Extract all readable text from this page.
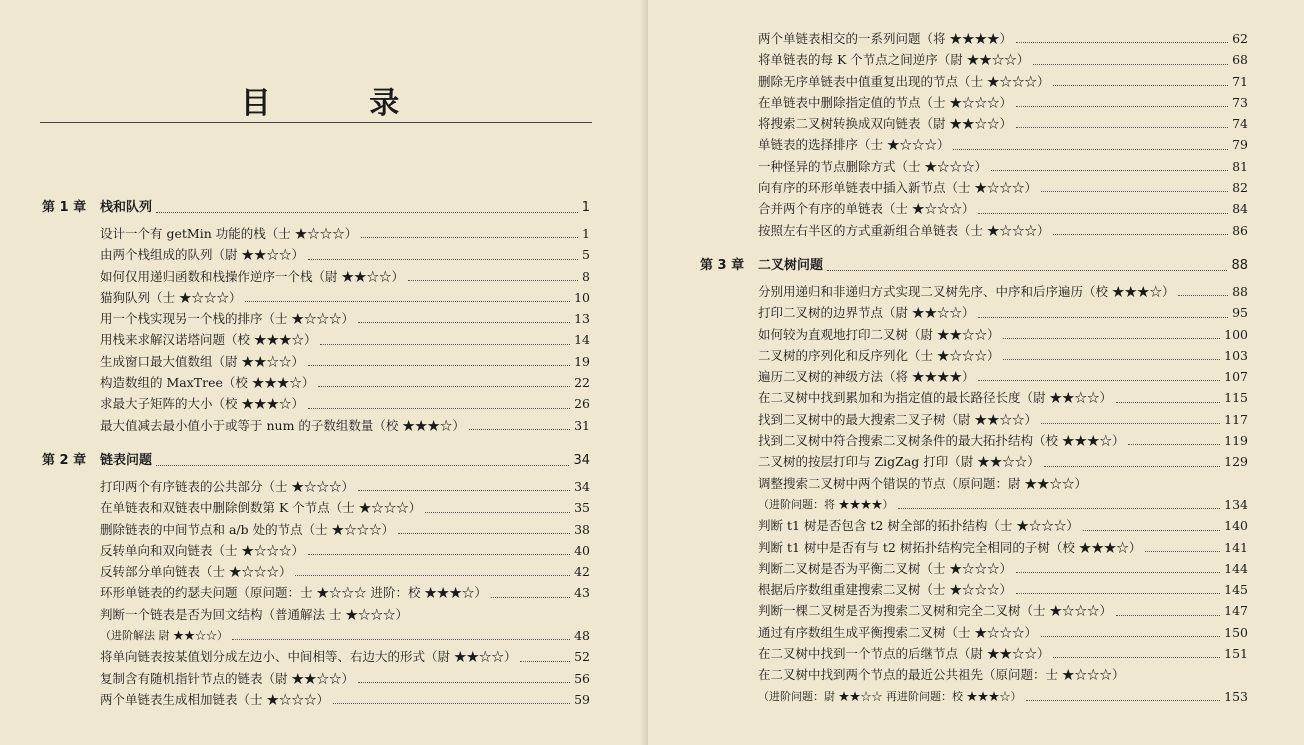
目 录
第 1 章	栈和队列	1
设计一个有 getMin 功能的栈（士 ★☆☆☆）	1
由两个栈组成的队列（尉 ★★☆☆）	5
如何仅用递归函数和栈操作逆序一个栈（尉 ★★☆☆）	8
猫狗队列（士 ★☆☆☆）	10
用一个栈实现另一个栈的排序（士 ★☆☆☆）	13
用栈来求解汉诺塔问题（校 ★★★☆）	14
生成窗口最大值数组（尉 ★★☆☆）	19
构造数组的 MaxTree（校 ★★★☆）	22
求最大子矩阵的大小（校 ★★★☆）	26
最大值减去最小值小于或等于 num 的子数组数量（校 ★★★☆）	31
第 2 章	链表问题	34
打印两个有序链表的公共部分（士 ★☆☆☆）	34
在单链表和双链表中删除倒数第 K 个节点（士 ★☆☆☆）	35
删除链表的中间节点和 a/b 处的节点（士 ★☆☆☆）	38
反转单向和双向链表（士 ★☆☆☆）	40
反转部分单向链表（士 ★☆☆☆）	42
环形单链表的约瑟夫问题（原问题：士 ★☆☆☆ 进阶：校 ★★★☆）	43
判断一个链表是否为回文结构（普通解法 士 ★☆☆☆）
（进阶解法 尉 ★★☆☆）	48
将单向链表按某值划分成左边小、中间相等、右边大的形式（尉 ★★☆☆）	52
复制含有随机指针节点的链表（尉 ★★☆☆）	56
两个单链表生成相加链表（士 ★☆☆☆）	59
两个单链表相交的一系列问题（将 ★★★★）	62
将单链表的每 K 个节点之间逆序（尉 ★★☆☆）	68
删除无序单链表中值重复出现的节点（士 ★☆☆☆）	71
在单链表中删除指定值的节点（士 ★☆☆☆）	73
将搜索二叉树转换成双向链表（尉 ★★☆☆）	74
单链表的选择排序（士 ★☆☆☆）	79
一种怪异的节点删除方式（士 ★☆☆☆）	81
向有序的环形单链表中插入新节点（士 ★☆☆☆）	82
合并两个有序的单链表（士 ★☆☆☆）	84
按照左右半区的方式重新组合单链表（士 ★☆☆☆）	86
第 3 章	二叉树问题	88
分别用递归和非递归方式实现二叉树先序、中序和后序遍历（校 ★★★☆）	88
打印二叉树的边界节点（尉 ★★☆☆）	95
如何较为直观地打印二叉树（尉 ★★☆☆）	100
二叉树的序列化和反序列化（士 ★☆☆☆）	103
遍历二叉树的神级方法（将 ★★★★）	107
在二叉树中找到累加和为指定值的最长路径长度（尉 ★★☆☆）	115
找到二叉树中的最大搜索二叉子树（尉 ★★☆☆）	117
找到二叉树中符合搜索二叉树条件的最大拓扑结构（校 ★★★☆）	119
二叉树的按层打印与 ZigZag 打印（尉 ★★☆☆）	129
调整搜索二叉树中两个错误的节点（原问题：尉 ★★☆☆）
（进阶问题：将 ★★★★）	134
判断 t1 树是否包含 t2 树全部的拓扑结构（士 ★☆☆☆）	140
判断 t1 树中是否有与 t2 树拓扑结构完全相同的子树（校 ★★★☆）	141
判断二叉树是否为平衡二叉树（士 ★☆☆☆）	144
根据后序数组重建搜索二叉树（士 ★☆☆☆）	145
判断一棵二叉树是否为搜索二叉树和完全二叉树（士 ★☆☆☆）	147
通过有序数组生成平衡搜索二叉树（士 ★☆☆☆）	150
在二叉树中找到一个节点的后继节点（尉 ★★☆☆）	151
在二叉树中找到两个节点的最近公共祖先（原问题：士 ★☆☆☆）
（进阶问题：尉 ★★☆☆ 再进阶问题：校 ★★★☆）	153
